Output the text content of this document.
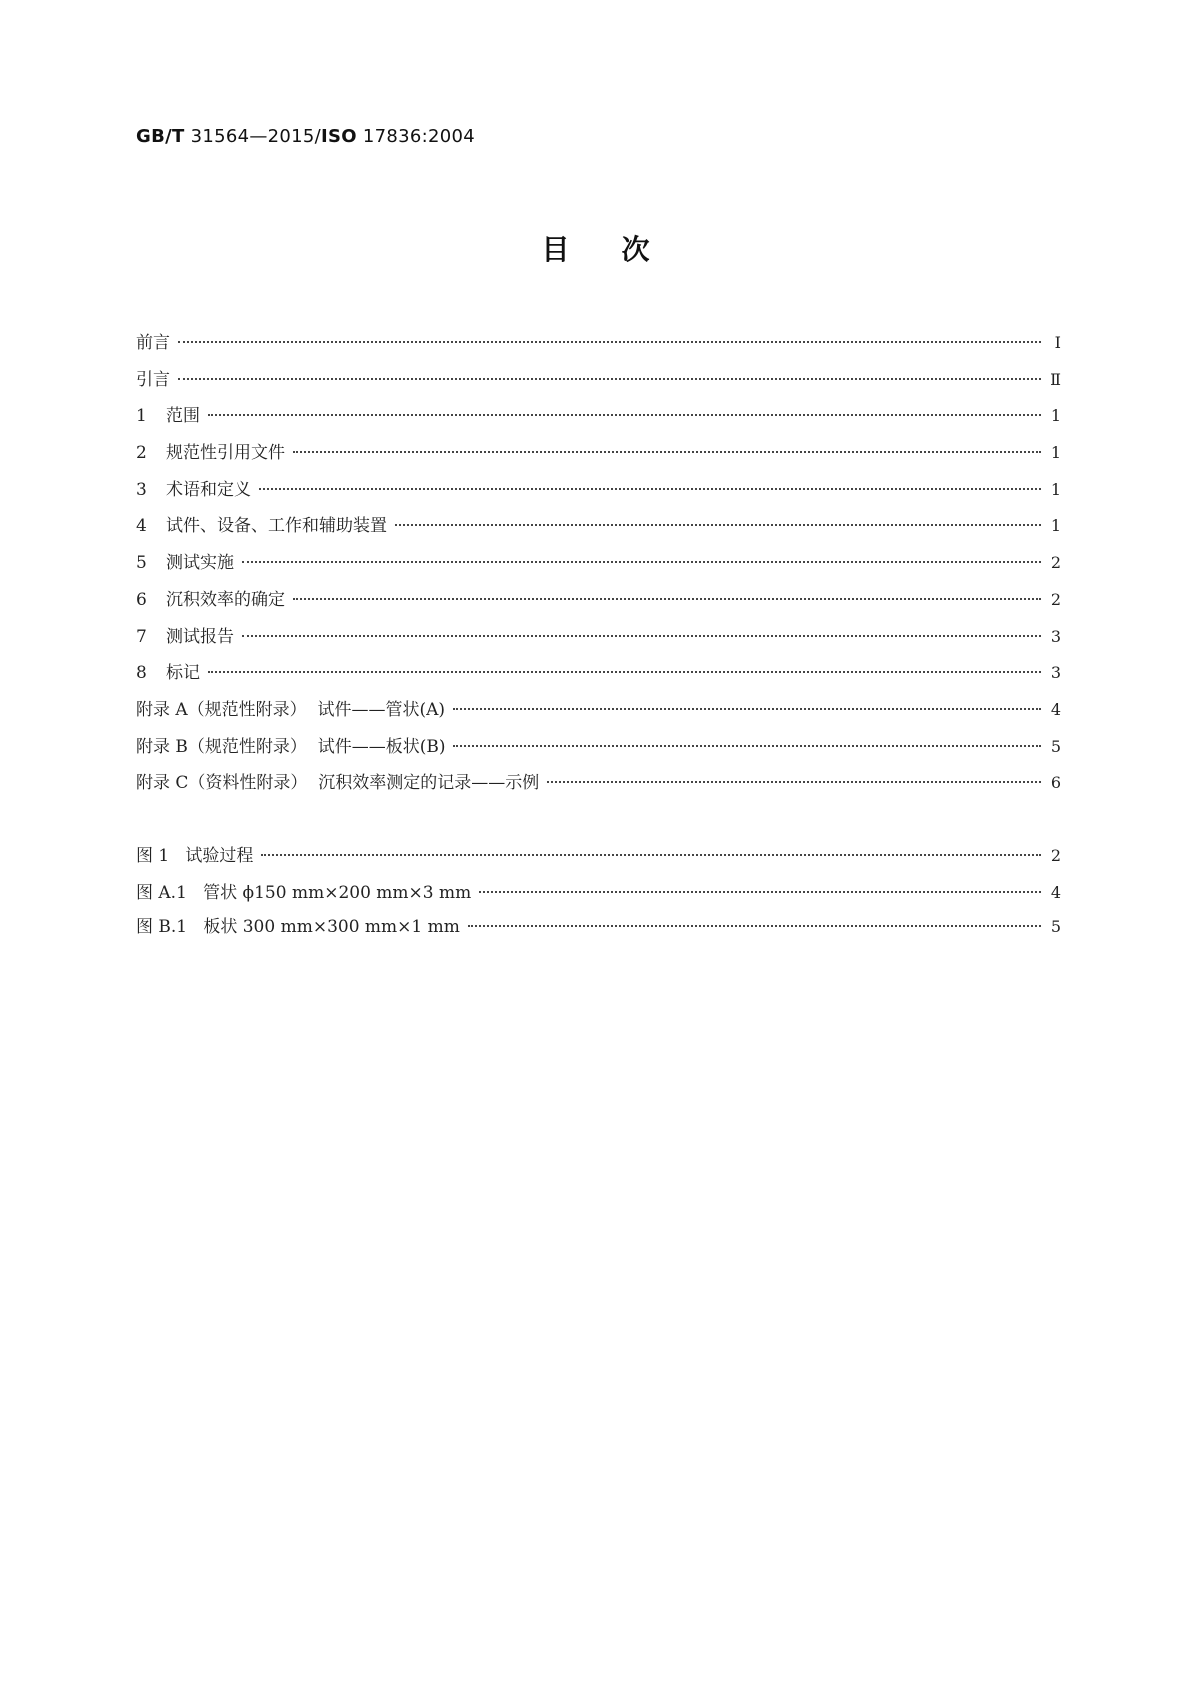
GB/T 31564—2015/ISO 17836:2004
目次
前言	Ⅰ
引言	Ⅱ
1	范围	1
2	规范性引用文件	1
3	术语和定义	1
4	试件、设备、工作和辅助装置	1
5	测试实施	2
6	沉积效率的确定	2
7	测试报告	3
8	标记	3
附录 A（规范性附录）  试件——管状(A)	4
附录 B（规范性附录）  试件——板状(B)	5
附录 C（资料性附录）  沉积效率测定的记录——示例	6
图 1   试验过程	2
图 A.1   管状 ϕ150 mm×200 mm×3 mm	4
图 B.1   板状 300 mm×300 mm×1 mm	5
